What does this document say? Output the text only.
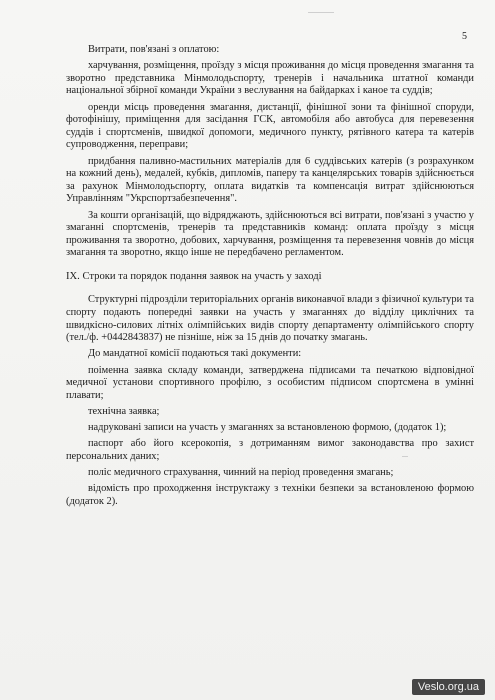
5

Витрати, пов'язані з оплатою:

харчування, розміщення, проїзду з місця проживання до місця проведення змагання та зворотно представника Мінмолодьспорту, тренерів і начальника штатної команди національної збірної команди України з веслування на байдарках і каное та суддів;

оренди місць проведення змагання, дистанції, фінішної зони та фінішної споруди, фотофінішу, приміщення для засідання ГСК, автомобіля або автобуса для перевезення суддів і спортсменів, швидкої допомоги, медичного пункту, рятівного катера та катерів супроводження, переправи;

придбання паливно-мастильних матеріалів для 6 суддівських катерів (з розрахунком на кожний день), медалей, кубків, дипломів, паперу та канцелярських товарів здійснюється за рахунок Мінмолодьспорту, оплата видатків та компенсація витрат здійснюються Управлінням "Укрспортзабезпечення".

За кошти організацій, що відряджають, здійснюються всі витрати, пов'язані з участю у змаганні спортсменів, тренерів та представників команд: оплата проїзду з місця проживання та зворотно, добових, харчування, розміщення та перевезення човнів до місця змагання та зворотно, якщо інше не передбачено регламентом.

IX. Строки та порядок подання заявок на участь у заході

Структурні підрозділи територіальних органів виконавчої влади з фізичної культури та спорту подають попередні заявки на участь у змаганнях до відділу циклічних та швидкісно-силових літніх олімпійських видів спорту департаменту олімпійського спорту (тел./ф. +0442843837) не пізніше, ніж за 15 днів до початку змагань.

До мандатної комісії подаються такі документи:

поіменна заявка складу команди, затверджена підписами та печаткою відповідної медичної установи спортивного профілю, з особистим підписом спортсмена в умінні плавати;

технічна заявка;

надруковані записи на участь у змаганнях за встановленою формою, (додаток 1);

паспорт або його ксерокопія, з дотриманням вимог законодавства про захист персональних даних;

поліс медичного страхування, чинний на період проведення змагань;

відомість про проходження інструктажу з техніки безпеки за встановленою формою (додаток 2).

Veslo.org.ua
